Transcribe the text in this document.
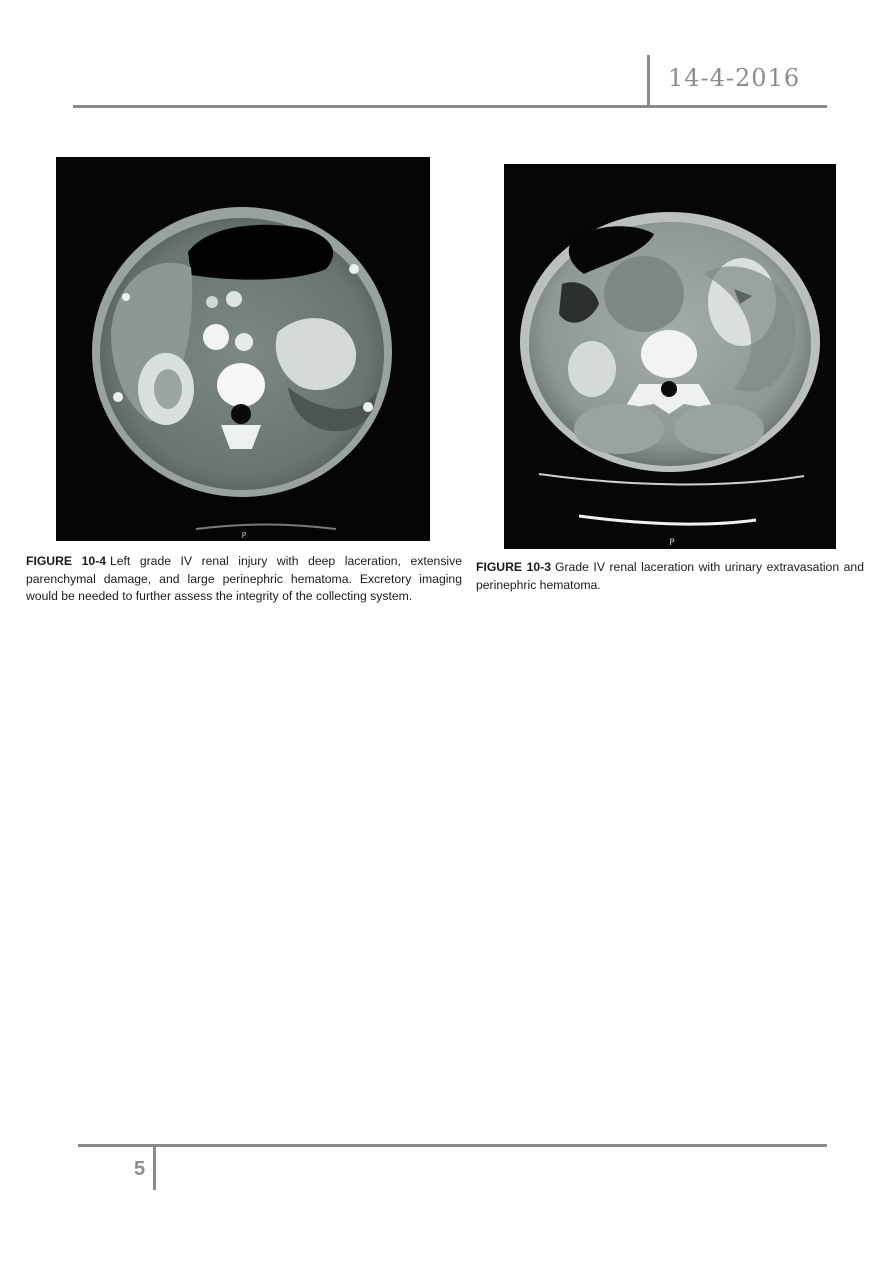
14-4-2016
P
FIGURE 10-4 Left grade IV renal injury with deep laceration, extensive parenchymal damage, and large perinephric hematoma. Excretory imaging would be needed to further assess the integrity of the collecting system.
P
FIGURE 10-3 Grade IV renal laceration with urinary extravasation and perinephric hematoma.
5
